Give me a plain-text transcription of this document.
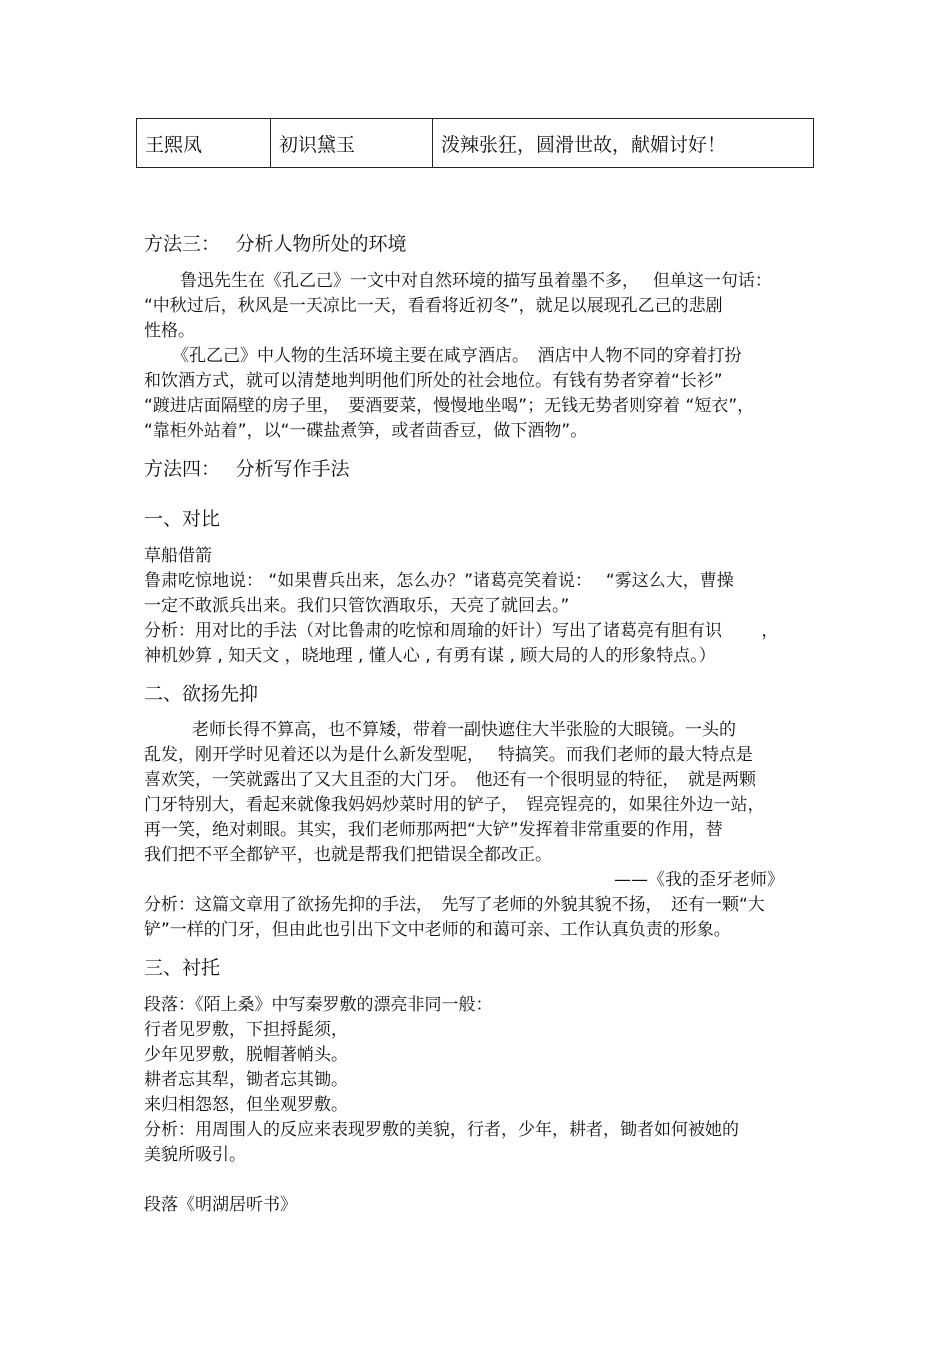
王熙凤	初识黛玉	泼辣张狂，圆滑世故，献媚讨好！
方法三：　 分析人物所处的环境
鲁迅先生在《孔乙己》一文中对自然环境的描写虽着墨不多，　 但单这一句话：
“中秋过后，秋风是一天凉比一天，看看将近初冬”，就足以展现孔乙己的悲剧
性格。
《孔乙己》中人物的生活环境主要在咸亨酒店。　酒店中人物不同的穿着打扮
和饮酒方式，就可以清楚地判明他们所处的社会地位。有钱有势者穿着“长衫”
“踱进店面隔壁的房子里，　要酒要菜，慢慢地坐喝”；无钱无势者则穿着 “短衣”，
“靠柜外站着”，以“一碟盐煮笋，或者茴香豆，做下酒物”。
方法四：　 分析写作手法
一、对比
草船借箭
鲁肃吃惊地说： “如果曹兵出来，怎么办？”诸葛亮笑着说：　 “雾这么大，曹操
一定不敢派兵出来。我们只管饮酒取乐，天亮了就回去。”
分析：用对比的手法（对比鲁肃的吃惊和周瑜的奸计）写出了诸葛亮有胆有识　　 ，
神机妙算 , 知天文 ，晓地理 , 懂人心 , 有勇有谋 , 顾大局的人的形象特点。）
二、欲扬先抑
老师长得不算高，也不算矮，带着一副快遮住大半张脸的大眼镜。一头的
乱发，刚开学时见着还以为是什么新发型呢，　 特搞笑。而我们老师的最大特点是
喜欢笑，一笑就露出了又大且歪的大门牙。　他还有一个很明显的特征，　就是两颗
门牙特别大，看起来就像我妈妈炒菜时用的铲子，　锃亮锃亮的，如果往外边一站，
再一笑，绝对刺眼。其实，我们老师那两把“大铲”发挥着非常重要的作用，替
我们把不平全都铲平，也就是帮我们把错误全都改正。
——《我的歪牙老师》
分析：这篇文章用了欲扬先抑的手法，　先写了老师的外貌其貌不扬，　还有一颗“大
铲”一样的门牙，但由此也引出下文中老师的和蔼可亲、工作认真负责的形象。
三、衬托
段落：《陌上桑》中写秦罗敷的漂亮非同一般：
行者见罗敷，下担捋髭须，
少年见罗敷，脱帽著帩头。
耕者忘其犁，锄者忘其锄。
来归相怨怒，但坐观罗敷。
分析：用周围人的反应来表现罗敷的美貌，行者，少年，耕者，锄者如何被她的
美貌所吸引。
段落《明湖居听书》
